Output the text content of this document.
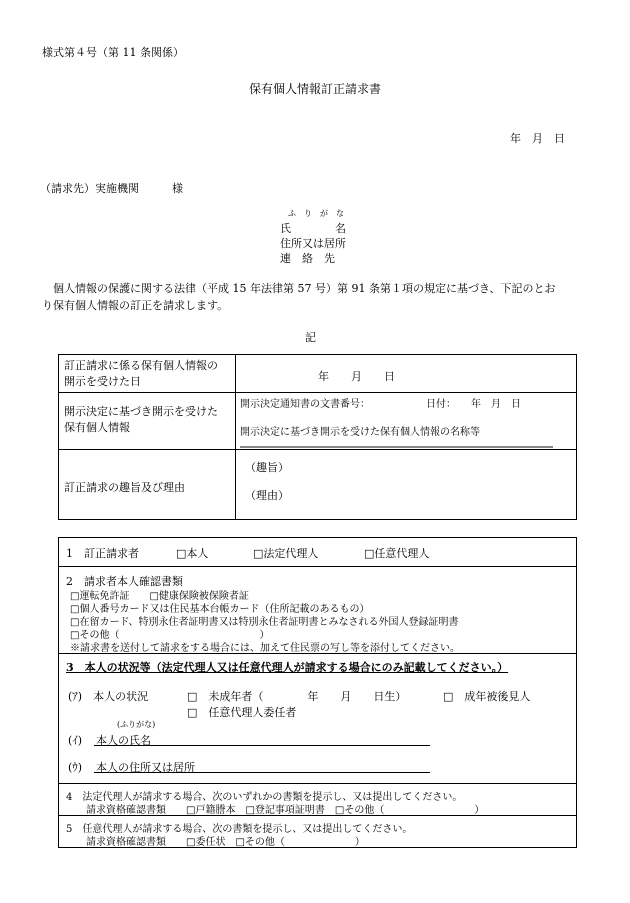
様式第４号（第 11 条関係）
保有個人情報訂正請求書
年　月　日
（請求先）実施機関　　　様
ふ　り　が　な
氏　　　　名
住所又は居所
連　絡　先
　個人情報の保護に関する法律（平成 15 年法律第 57 号）第 91 条第１項の規定に基づき、下記のとお
り保有個人情報の訂正を請求します。
記
訂正請求に係る保有個人情報の
開示を受けた日	年　　月　　日
開示決定に基づき開示を受けた
保有個人情報
開示決定通知書の文書番号：	日付：　　年　月　日
開示決定に基づき開示を受けた保有個人情報の名称等
訂正請求の趣旨及び理由
（趣旨）
（理由）
1　訂正請求者	□本人	□法定代理人	□任意代理人
2　請求者本人確認書類
□運転免許証　　□健康保険被保険者証
□個人番号カード又は住民基本台帳カード（住所記載のあるもの）
□在留カード、特別永住者証明書又は特別永住者証明書とみなされる外国人登録証明書
□その他（　　　　　　　　　　　　　　）
※請求書を送付して請求をする場合には、加えて住民票の写し等を添付してください。
3　本人の状況等（法定代理人又は任意代理人が請求する場合にのみ記載してください。）
(ｱ)　本人の状況	□　未成年者（　　　　年　　月　　日生）	□　成年被後見人
□　任意代理人委任者
(ふりがな)
(ｲ) 本人の氏名
(ｳ) 本人の住所又は居所
4　法定代理人が請求する場合、次のいずれかの書類を提示し、又は提出してください。
請求資格確認書類　　□戸籍謄本　□登記事項証明書　□その他（　　　　　　　　　）
5　任意代理人が請求する場合、次の書類を提示し、又は提出してください。
請求資格確認書類　　□委任状　□その他（　　　　　　　）
